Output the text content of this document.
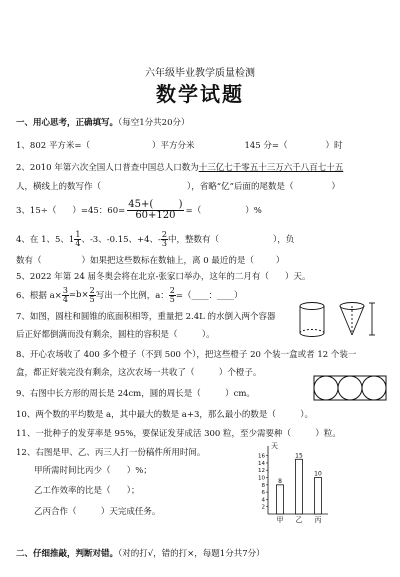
六年级毕业教学质量检测
数学试题
一、用心思考，正确填写。（每空1分共20分）
1、802 平方米=（	）平方分米	145 分=（	）时
2、2010 年第六次全国人口普查中国总人口数为十三亿七千零五十三万六千八百七十五
人，横线上的数写作（	），省略“亿”后面的尾数是（	）
3、15÷（ ）=45：$60= \frac{45+( )}{60+120}$ =（	）%
4、在 1、5、$1 \frac{1}{4}$ 、-3、-0.15、+4、- $\frac{2}{3}$ 中，整数有（	），负
数有（	）如果把这些数标在数轴上，离 0 最近的是（	）
5、2022 年第 24 届冬奥会将在北京-张家口举办，这年的二月有（      ）天。
6、根据 $a\times \frac{3}{4} =b\times \frac{2}{5}$ 写出一个比例，a： $\frac{2}{5}$ =（____：____）
7、如图，圆柱和圆锥的底面积相等，重量把 2.4L 的水倒入两个容器
后正好都倒满而没有剩余，圆柱的容积是（         ）。
8、开心农场收了 400 多个橙子（不到 500 个），把这些橙子 20 个装一盒或者 12 个装一
盒，都正好装完没有剩余，这次农场一共收了（         ）个橙子。
9、右图中长方形的周长是 24cm，圆的周长是（         ）cm。
10、两个数的平均数是 a，其中最大的数是 a+3，那么最小的数是（         ）。
11、一批种子的发芽率是 95%，要保证发芽成活 300 粒，至少需要种（         ）粒。
12、右图是甲、乙、丙三人打一份稿件所用时间。
甲所需时间比丙少（      ）%；
乙工作效率的比是（      ）；
乙丙合作（         ）天完成任务。
天
2
4
6
8
10
12
14
16
8
甲
15
乙
10
丙
二、仔细推敲，判断对错。（对的打√，错的打×，每题1分共7分）
